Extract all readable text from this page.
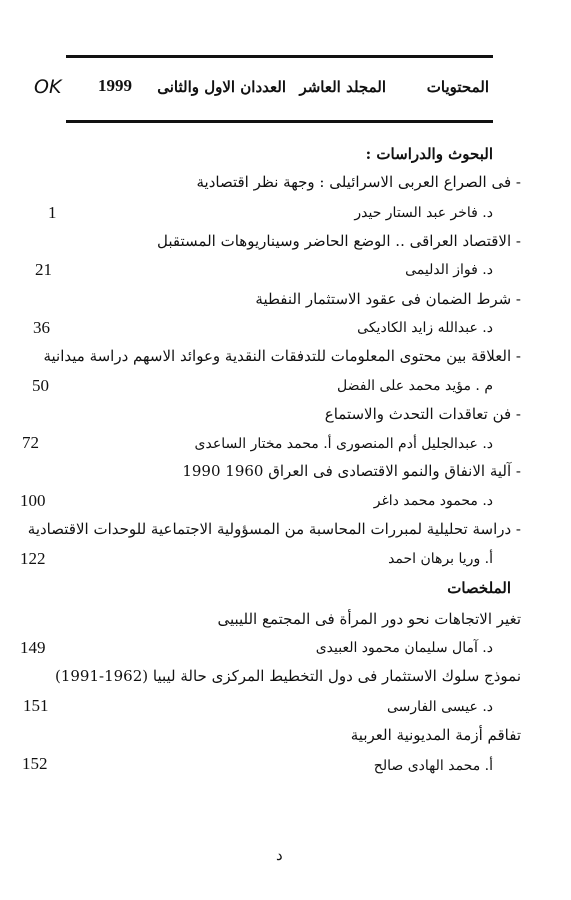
المحتويات
المجلد العاشر
العددان الاول والثانى
1999
OK
البحوث والدراسات :
- فى الصراع العربى الاسرائيلى : وجهة نظر اقتصادية
د. فاخر عبد الستار حيدر
1
- الاقتصاد العراقى .. الوضع الحاضر وسيناريوهات المستقبل
د. فواز الدليمى
21
- شرط الضمان فى عقود الاستثمار النفطية
د. عبدالله زايد الكاديكى
36
- العلاقة بين محتوى المعلومات للتدفقات النقدية وعوائد الاسهم دراسة ميدانية
م . مؤيد محمد على الفضل
50
- فن تعاقدات التحدث والاستماع
د. عبدالجليل أدم المنصورى أ. محمد مختار الساعدى
72
- آلية الانفاق والنمو الاقتصادى فى العراق 1960 1990
د. محمود محمد داغر
100
- دراسة تحليلية لمبررات المحاسبة من المسؤولية الاجتماعية للوحدات الاقتصادية
أ. وريا برهان احمد
122
الملخصات
تغير الاتجاهات نحو دور المرأة فى المجتمع الليبيى
د. آمال سليمان محمود العبيدى
149
نموذج سلوك الاستثمار فى دول التخطيط المركزى حالة ليبيا (1962-1991)
د. عيسى الفارسى
151
تفاقم أزمة المديونية العربية
أ. محمد الهادى صالح
152
د
